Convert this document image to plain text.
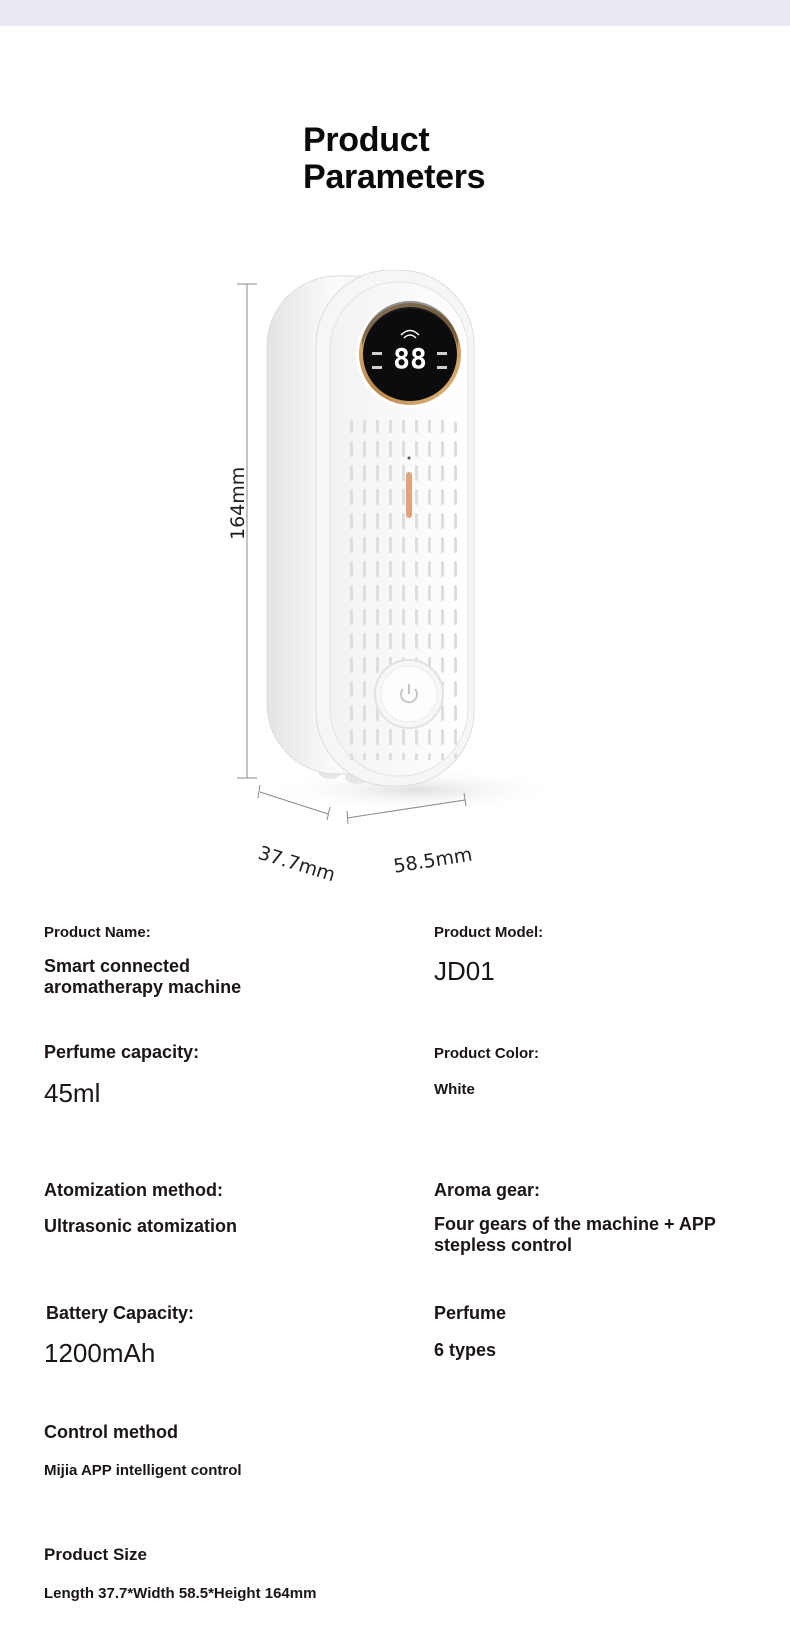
Product
Parameters
88
164mm
37.7mm	58.5mm

Product Name:

Smart connected aromatherapy machine

Product Model:

JD01

Perfume capacity:

45ml

Product Color:

White

Atomization method:

Ultrasonic atomization

Aroma gear:

Four gears of the machine + APP stepless control

Battery Capacity:

1200mAh

Perfume

6 types

Control method

Mijia APP intelligent control

Product Size

Length 37.7*Width 58.5*Height 164mm
